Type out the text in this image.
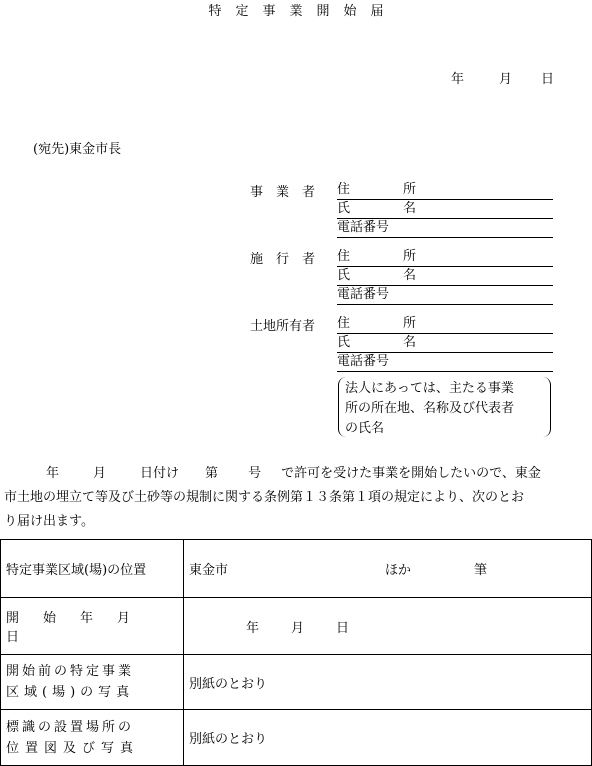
特定事業開始届
年	月	日
(宛先)東金市長
事業者 住　所
氏　名
電話番号
施行者 住　所
氏　名
電話番号
土地所有者 住　所
氏　名
電話番号
法人にあっては、主たる事業
所の所在地、名称及び代表者
の氏名
年	月	日付け 第 号 で許可を受けた事業を開始したいので、東金
市土地の埋立て等及び土砂等の規制に関する条例第１３条第１項の規定により、次のとお
り届け出ます。
特定事業区域(場)の位置	東金市 ほか 筆
開始年月日	年 月 日

開始前の特定事業
区域(場)の写真	別紙のとおり

標識の設置場所の
位置図及び写真	別紙のとおり
